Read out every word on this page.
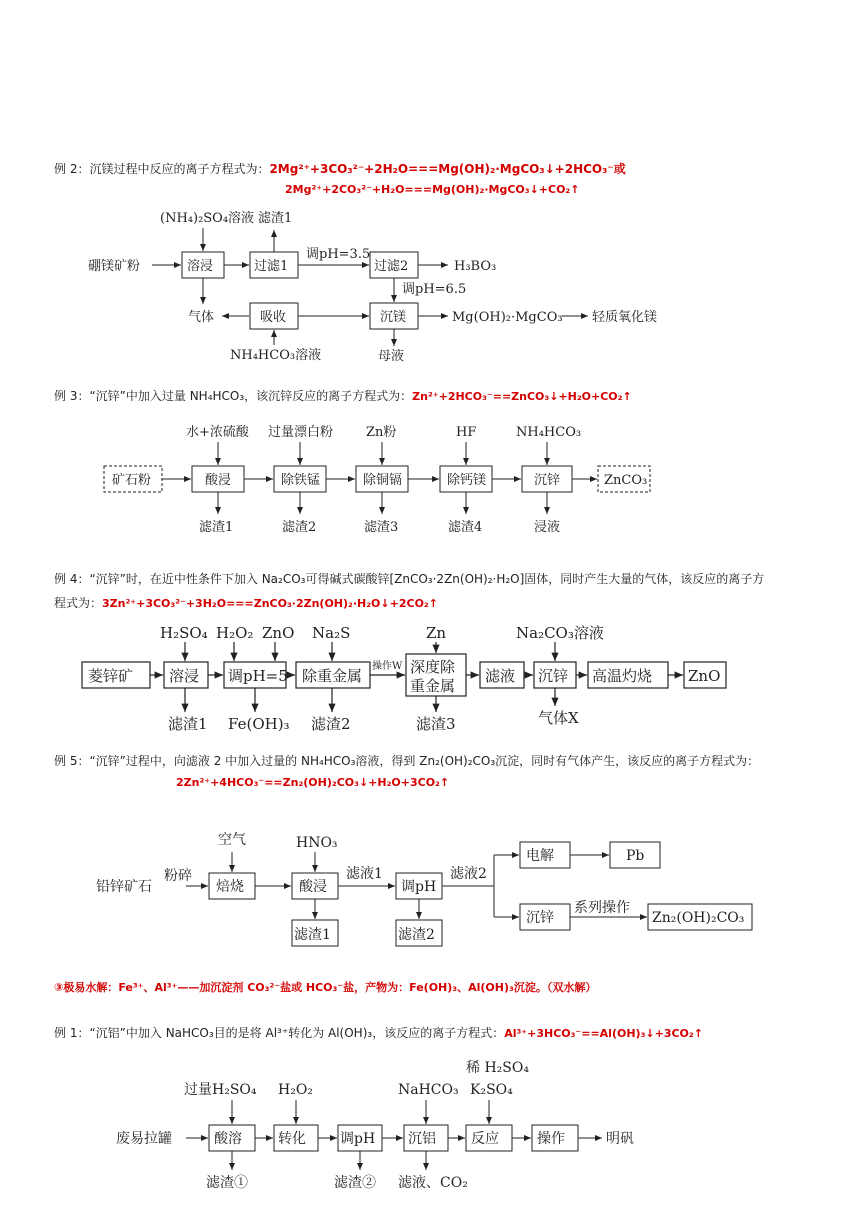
例 2：沉镁过程中反应的离子方程式为：2Mg²⁺+3CO₃²⁻+2H₂O===Mg(OH)₂·MgCO₃↓+2HCO₃⁻或
2Mg²⁺+2CO₃²⁻+H₂O===Mg(OH)₂·MgCO₃↓+CO₂↑
硼镁矿粉
(NH₄)₂SO₄溶液
溶浸	过滤1
滤渣1
调pH=3.5
过滤2	H₃BO₃
调pH=6.5
气体	吸收	沉镁	Mg(OH)₂·MgCO₃ 轻质氧化镁
NH₄HCO₃溶液	母液
例 3：“沉锌”中加入过量 NH₄HCO₃，该沉锌反应的离子方程式为：Zn²⁺+2HCO₃⁻==ZnCO₃↓+H₂O+CO₂↑
矿石粉	酸浸	除铁锰	除铜镉	除钙镁	沉锌	ZnCO₃
水+浓硫酸 过量漂白粉	Zn粉	HF	NH₄HCO₃
滤渣1	滤渣2	滤渣3	滤渣4	浸液
例 4：“沉锌”时，在近中性条件下加入 Na₂CO₃可得碱式碳酸锌[ZnCO₃·2Zn(OH)₂·H₂O]固体，同时产生大量的气体，该反应的离子方
程式为：3Zn²⁺+3CO₃²⁻+3H₂O===ZnCO₃·2Zn(OH)₂·H₂O↓+2CO₂↑
菱锌矿 溶浸 调pH=5 除重金属
操作W 深度除
重金属
滤液 沉锌 高温灼烧 ZnO
H₂SO₄ H₂O₂ ZnO Na₂S	Zn	Na₂CO₃溶液
滤渣1 Fe(OH)₃ 滤渣2	滤渣3	气体X
例 5：“沉锌”过程中，向滤液 2 中加入过量的 NH₄HCO₃溶液，得到 Zn₂(OH)₂CO₃沉淀，同时有气体产生，该反应的离子方程式为：
2Zn²⁺+4HCO₃⁻==Zn₂(OH)₂CO₃↓+H₂O+3CO₂↑
铅锌矿石
粉碎
空气
焙烧
HNO₃
酸浸
滤液1
调pH
滤液2
电解	Pb
沉锌
系列操作
Zn₂(OH)₂CO₃
滤渣1	滤渣2
③极易水解：Fe³⁺、Al³⁺——加沉淀剂 CO₃²⁻盐或 HCO₃⁻盐，产物为：Fe(OH)₃、Al(OH)₃沉淀。（双水解）
例 1：“沉铝”中加入 NaHCO₃目的是将 Al³⁺转化为 Al(OH)₃，该反应的离子方程式：Al³⁺+3HCO₃⁻==Al(OH)₃↓+3CO₂↑
废易拉罐	酸溶	转化 调pH 沉铝	反应	操作	明矾
过量H₂SO₄ H₂O₂	NaHCO₃
稀 H₂SO₄
K₂SO₄
滤渣①	滤渣② 滤液、CO₂
